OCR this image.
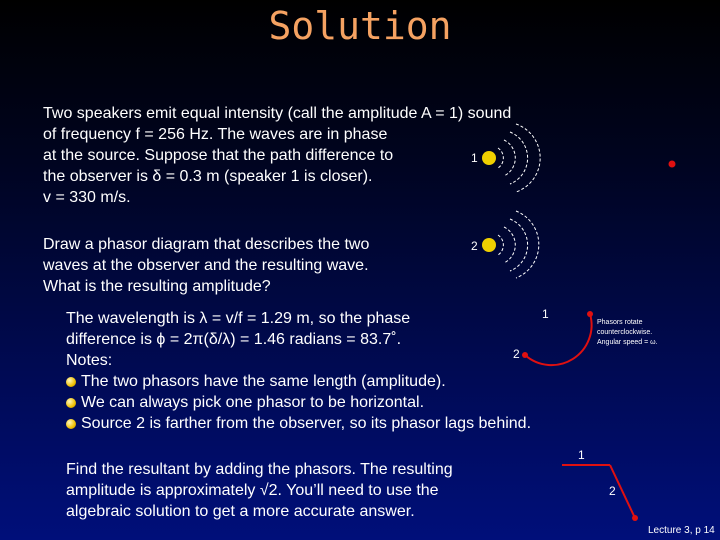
Solution

Two speakers emit equal intensity (call the amplitude A = 1) sound

of frequency f = 256 Hz. The waves are in phase

at the source. Suppose that the path difference to

the observer is δ = 0.3 m (speaker 1 is closer).

v = 330 m/s.

Draw a phasor diagram that describes the two

waves at the observer and the resulting wave.

What is the resulting amplitude?

The wavelength is λ = v/f = 1.29 m, so the phase

difference is ϕ = 2π(δ/λ) = 1.46 radians = 83.7˚.

Notes:

The two phasors have the same length (amplitude).
We can always pick one phasor to be horizontal.
Source 2 is farther from the observer, so its phasor lags behind.

Find the resultant by adding the phasors. The resulting

amplitude is approximately √2. You’ll need to use the

algebraic solution to get a more accurate answer.

1
2
1
2
Phasors rotate
counterclockwise.
Angular speed = ω.
1
2
Lecture 3, p 14
